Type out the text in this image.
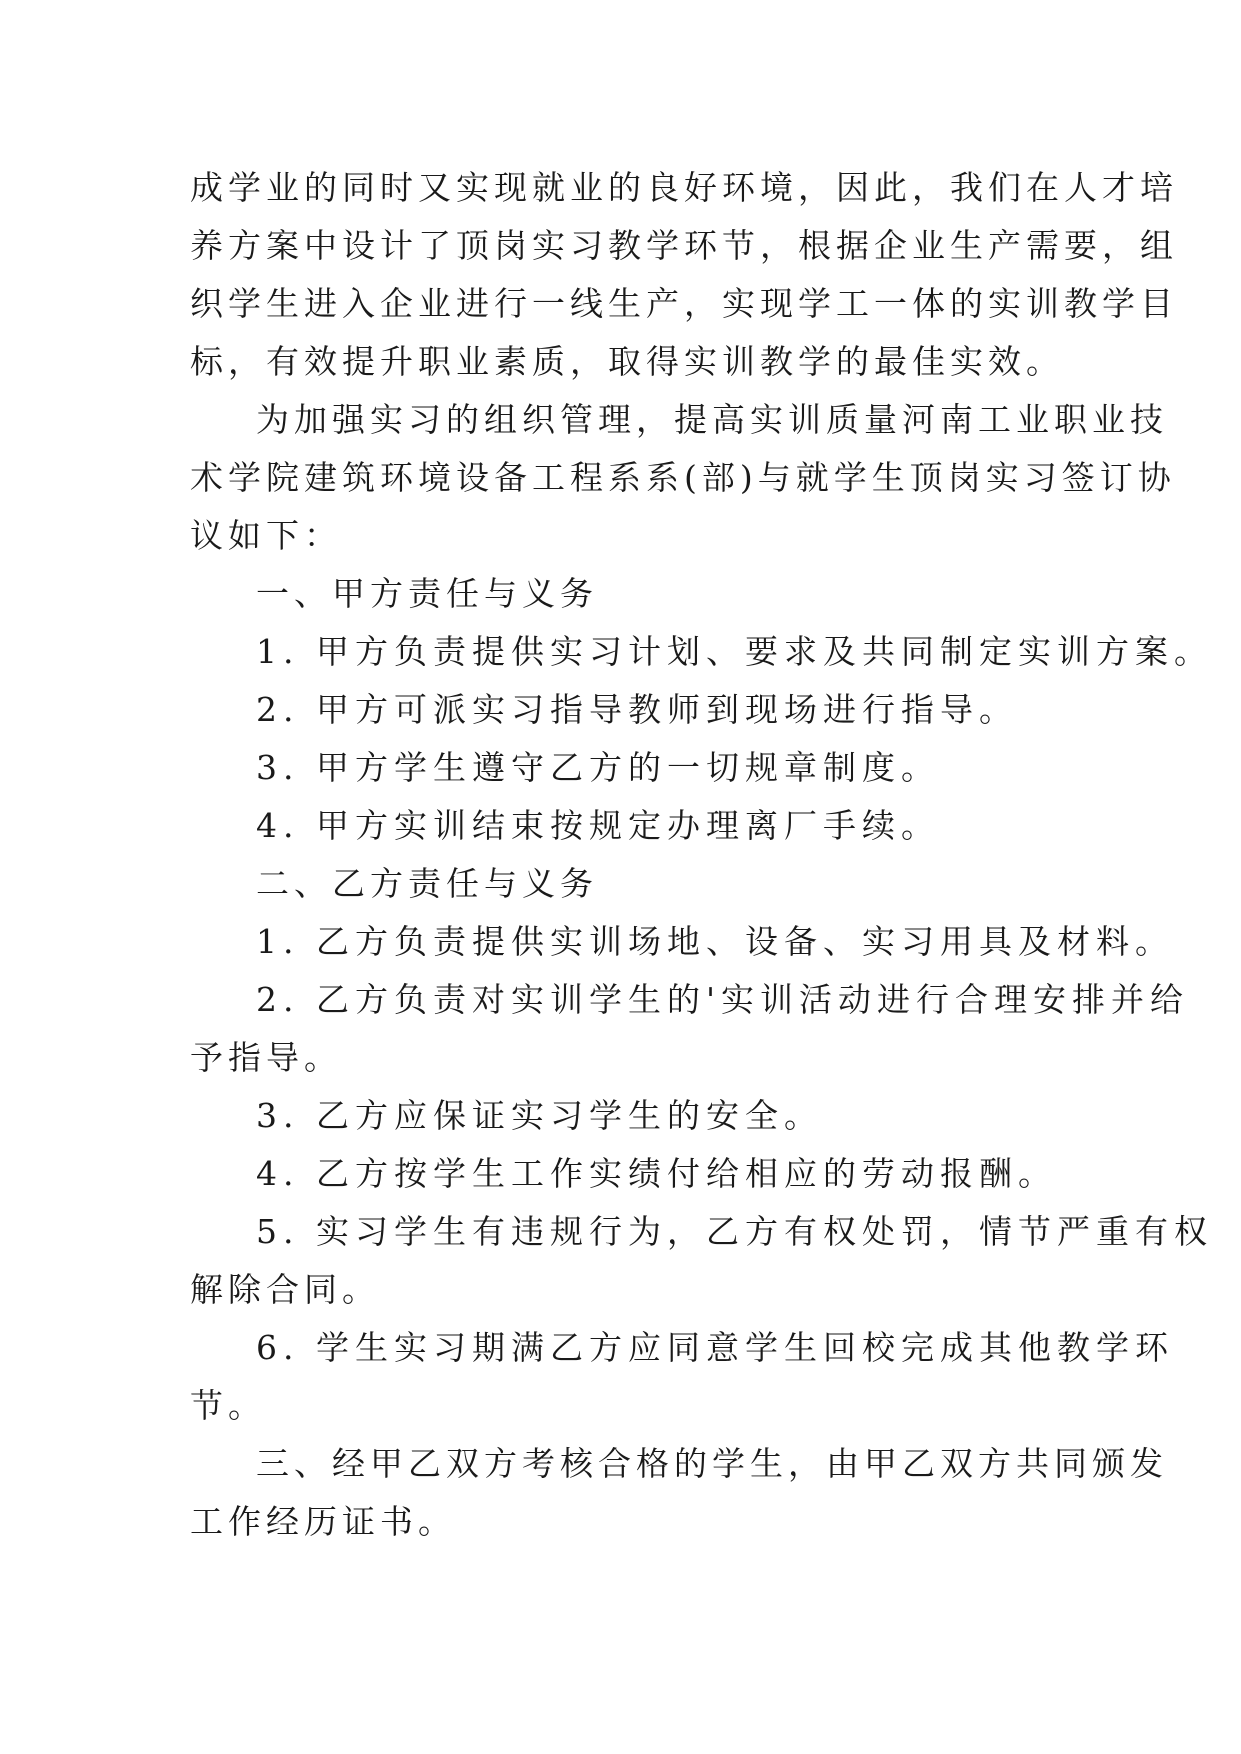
成学业的同时又实现就业的良好环境，因此，我们在人才培
养方案中设计了顶岗实习教学环节，根据企业生产需要，组
织学生进入企业进行一线生产，实现学工一体的实训教学目
标，有效提升职业素质，取得实训教学的最佳实效。
为加强实习的组织管理，提高实训质量河南工业职业技
术学院建筑环境设备工程系系(部)与就学生顶岗实习签订协
议如下：
一、甲方责任与义务
1. 甲方负责提供实习计划、要求及共同制定实训方案。
2. 甲方可派实习指导教师到现场进行指导。
3. 甲方学生遵守乙方的一切规章制度。
4. 甲方实训结束按规定办理离厂手续。
二、乙方责任与义务
1. 乙方负责提供实训场地、设备、实习用具及材料。
2. 乙方负责对实训学生的'实训活动进行合理安排并给
予指导。
3. 乙方应保证实习学生的安全。
4. 乙方按学生工作实绩付给相应的劳动报酬。
5. 实习学生有违规行为，乙方有权处罚，情节严重有权
解除合同。
6. 学生实习期满乙方应同意学生回校完成其他教学环
节。
三、经甲乙双方考核合格的学生，由甲乙双方共同颁发
工作经历证书。
